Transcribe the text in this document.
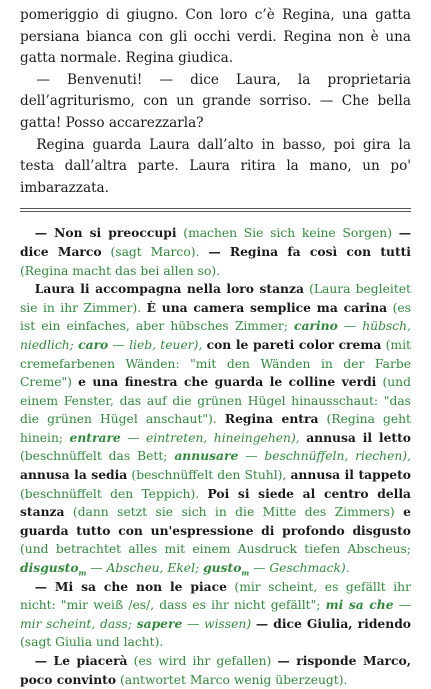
pomeriggio di giugno. Con loro c’è Regina, una gatta persiana bianca con gli occhi verdi. Regina non è una gatta normale. Regina giudica.

— Benvenuti! — dice Laura, la proprietaria dell’agriturismo, con un grande sorriso. — Che bella gatta! Posso accarezzarla?

Regina guarda Laura dall’alto in basso, poi gira la testa dall’altra parte. Laura ritira la mano, un po' imbarazzata.

— Non si preoccupi (machen Sie sich keine Sorgen) — dice Marco (sagt Marco). — Regina fa così con tutti (Regina macht das bei allen so).

Laura li accompagna nella loro stanza (Laura begleitet sie in ihr Zimmer). È una camera semplice ma carina (es ist ein einfaches, aber hübsches Zimmer; carino — hübsch, niedlich; caro — lieb, teuer), con le pareti color crema (mit cremefarbenen Wänden: "mit den Wänden in der Farbe Creme") e una finestra che guarda le colline verdi (und einem Fenster, das auf die grünen Hügel hinausschaut: "das die grünen Hügel anschaut"). Regina entra (Regina geht hinein; entrare — eintreten, hineingehen), annusa il letto (beschnüffelt das Bett; annusare — beschnüffeln, riechen), annusa la sedia (beschnüffelt den Stuhl), annusa il tappeto (beschnüffelt den Teppich). Poi si siede al centro della stanza (dann setzt sie sich in die Mitte des Zimmers) e guarda tutto con un'espressione di profondo disgusto (und betrachtet alles mit einem Ausdruck tiefen Abscheus; disgusto$_m$ — Abscheu, Ekel; gusto$_m$ — Geschmack).

— Mi sa che non le piace (mir scheint, es gefällt ihr nicht: "mir weiß /es/, dass es ihr nicht gefällt"; mi sa che — mir scheint, dass; sapere — wissen) — dice Giulia, ridendo (sagt Giulia und lacht).

— Le piacerà (es wird ihr gefallen) — risponde Marco, poco convinto (antwortet Marco wenig überzeugt).
